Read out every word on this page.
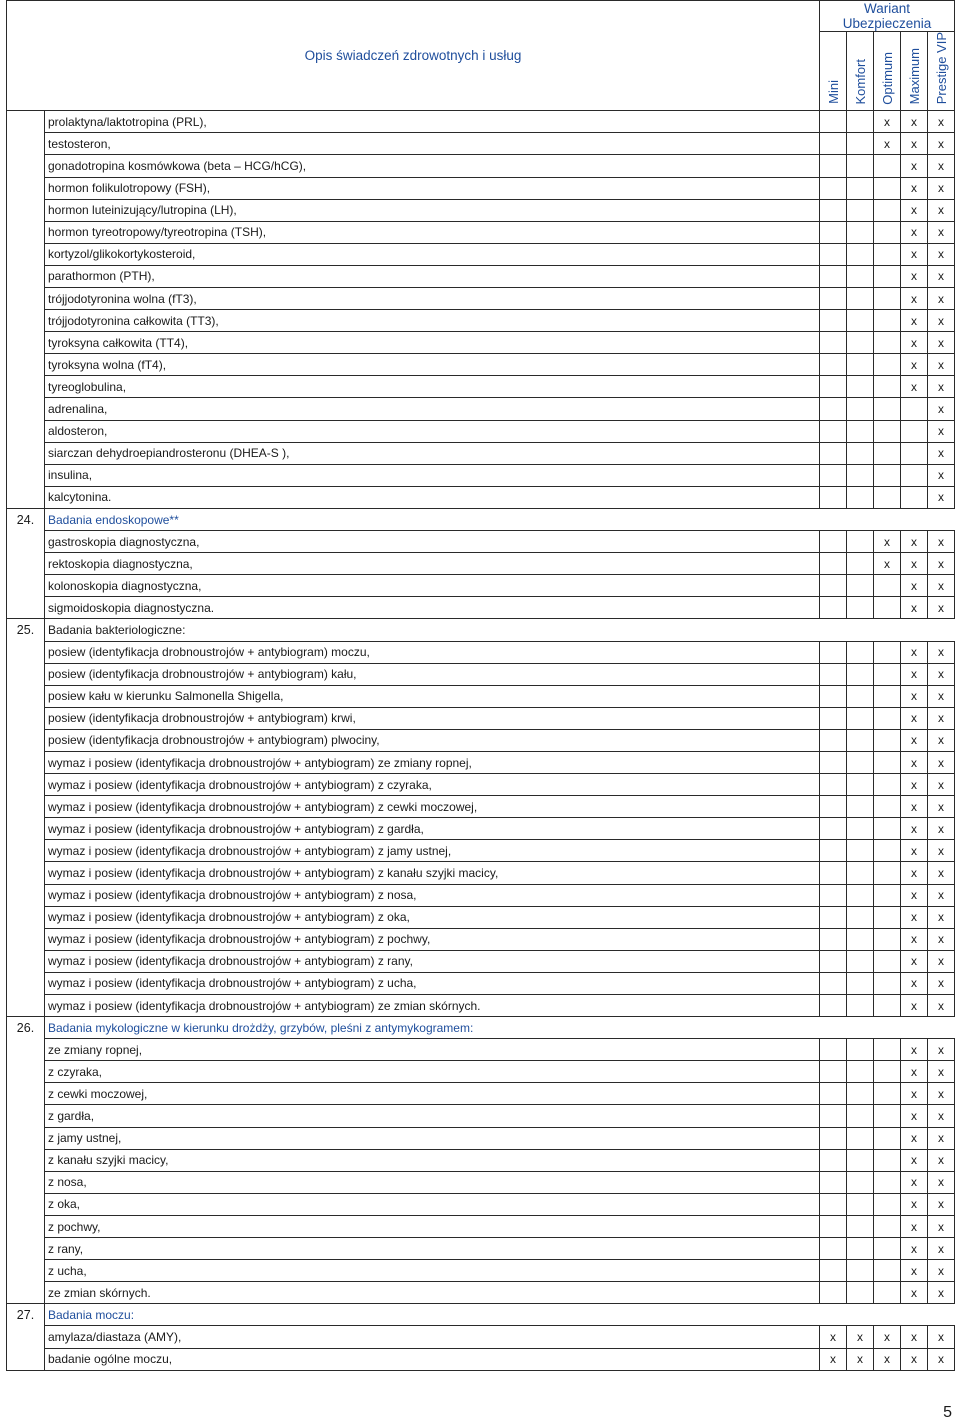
Opis świadczeń zdrowotnych i usług		Wariant Ubezpieczenia				
		Mini	Komfort	Optimum	Maximum	Prestige VIP
	prolaktyna/laktotropina (PRL),			x	x	x
	testosteron,			x	x	x
	gonadotropina kosmówkowa (beta – HCG/hCG),				x	x
	hormon folikulotropowy (FSH),				x	x
	hormon luteinizujący/lutropina (LH),				x	x
	hormon tyreotropowy/tyreotropina (TSH),				x	x
	kortyzol/glikokortykosteroid,				x	x
	parathormon (PTH),				x	x
	trójjodotyronina wolna (fT3),				x	x
	trójjodotyronina całkowita (TT3),				x	x
	tyroksyna całkowita (TT4),				x	x
	tyroksyna wolna (fT4),				x	x
	tyreoglobulina,				x	x
	adrenalina,					x
	aldosteron,					x
	siarczan dehydroepiandrosteronu (DHEA-S ),					x
	insulina,					x
	kalcytonina.					x
24.	Badania endoskopowe**					
	gastroskopia diagnostyczna,			x	x	x
	rektoskopia diagnostyczna,			x	x	x
	kolonoskopia diagnostyczna,				x	x
	sigmoidoskopia diagnostyczna.				x	x
25.	Badania bakteriologiczne:					
	posiew (identyfikacja drobnoustrojów + antybiogram) moczu,				x	x
	posiew (identyfikacja drobnoustrojów + antybiogram) kału,				x	x
	posiew kału w kierunku Salmonella Shigella,				x	x
	posiew (identyfikacja drobnoustrojów + antybiogram) krwi,				x	x
	posiew (identyfikacja drobnoustrojów + antybiogram) plwociny,				x	x
	wymaz i posiew (identyfikacja drobnoustrojów + antybiogram) ze zmiany ropnej,				x	x
	wymaz i posiew (identyfikacja drobnoustrojów + antybiogram) z czyraka,				x	x
	wymaz i posiew (identyfikacja drobnoustrojów + antybiogram) z cewki moczowej,				x	x
	wymaz i posiew (identyfikacja drobnoustrojów + antybiogram) z gardła,				x	x
	wymaz i posiew (identyfikacja drobnoustrojów + antybiogram) z jamy ustnej,				x	x
	wymaz i posiew (identyfikacja drobnoustrojów + antybiogram) z kanału szyjki macicy,				x	x
	wymaz i posiew (identyfikacja drobnoustrojów + antybiogram) z nosa,				x	x
	wymaz i posiew (identyfikacja drobnoustrojów + antybiogram) z oka,				x	x
	wymaz i posiew (identyfikacja drobnoustrojów + antybiogram) z pochwy,				x	x
	wymaz i posiew (identyfikacja drobnoustrojów + antybiogram) z rany,				x	x
	wymaz i posiew (identyfikacja drobnoustrojów + antybiogram) z ucha,				x	x
	wymaz i posiew (identyfikacja drobnoustrojów + antybiogram) ze zmian skórnych.				x	x
26.	Badania mykologiczne w kierunku drożdży, grzybów, pleśni z antymykogramem:					
	ze zmiany ropnej,				x	x
	z czyraka,				x	x
	z cewki moczowej,				x	x
	z gardła,				x	x
	z jamy ustnej,				x	x
	z kanału szyjki macicy,				x	x
	z nosa,				x	x
	z oka,				x	x
	z pochwy,				x	x
	z rany,				x	x
	z ucha,				x	x
	ze zmian skórnych.				x	x
27.	Badania moczu:					
	amylaza/diastaza (AMY),	x	x	x	x	x
	badanie ogólne moczu,	x	x	x	x	x
5
